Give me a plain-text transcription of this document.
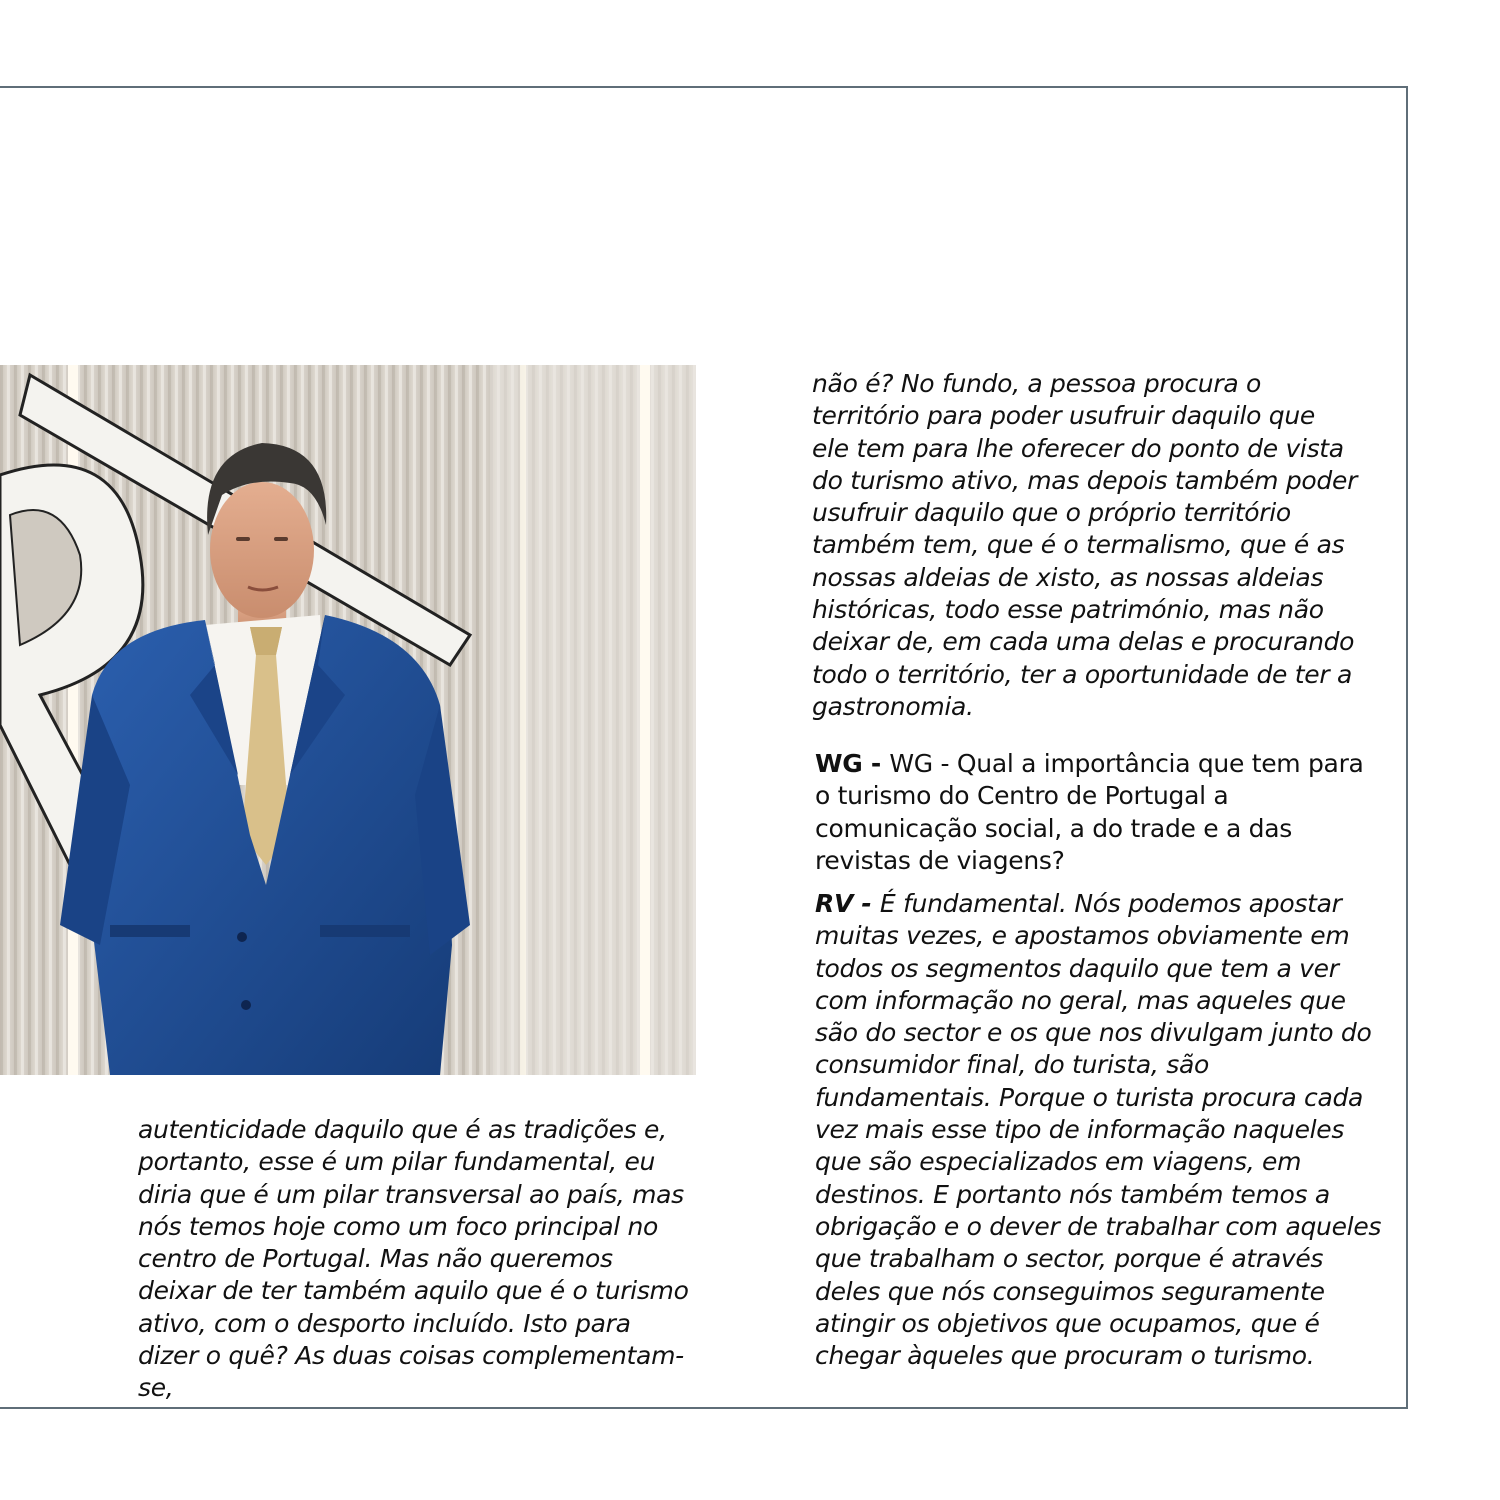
autenticidade daquilo que é as tradições e,

portanto, esse é um pilar fundamental, eu

diria que é um pilar transversal ao país, mas

nós temos hoje como um foco principal no

centro de Portugal. Mas não queremos

deixar de ter também aquilo que é o turismo

ativo, com o desporto incluído. Isto para

dizer o quê? As duas coisas complementam-se,

não é? No fundo, a pessoa procura o

território para poder usufruir daquilo que

ele tem para lhe oferecer do ponto de vista

do turismo ativo, mas depois também poder

usufruir daquilo que o próprio território

também tem, que é o termalismo, que é as

nossas aldeias de xisto, as nossas aldeias

históricas, todo esse património, mas não

deixar de, em cada uma delas e procurando

todo o território, ter a oportunidade de ter a

gastronomia.

WG - WG - Qual a importância que tem para

o turismo do Centro de Portugal a

comunicação social, a do trade e a das

revistas de viagens?

RV - É fundamental. Nós podemos apostar

muitas vezes, e apostamos obviamente em

todos os segmentos daquilo que tem a ver

com informação no geral, mas aqueles que

são do sector e os que nos divulgam junto do

consumidor final, do turista, são

fundamentais. Porque o turista procura cada

vez mais esse tipo de informação naqueles

que são especializados em viagens, em

destinos. E portanto nós também temos a

obrigação e o dever de trabalhar com aqueles

que trabalham o sector, porque é através

deles que nós conseguimos seguramente

atingir os objetivos que ocupamos, que é

chegar àqueles que procuram o turismo.
